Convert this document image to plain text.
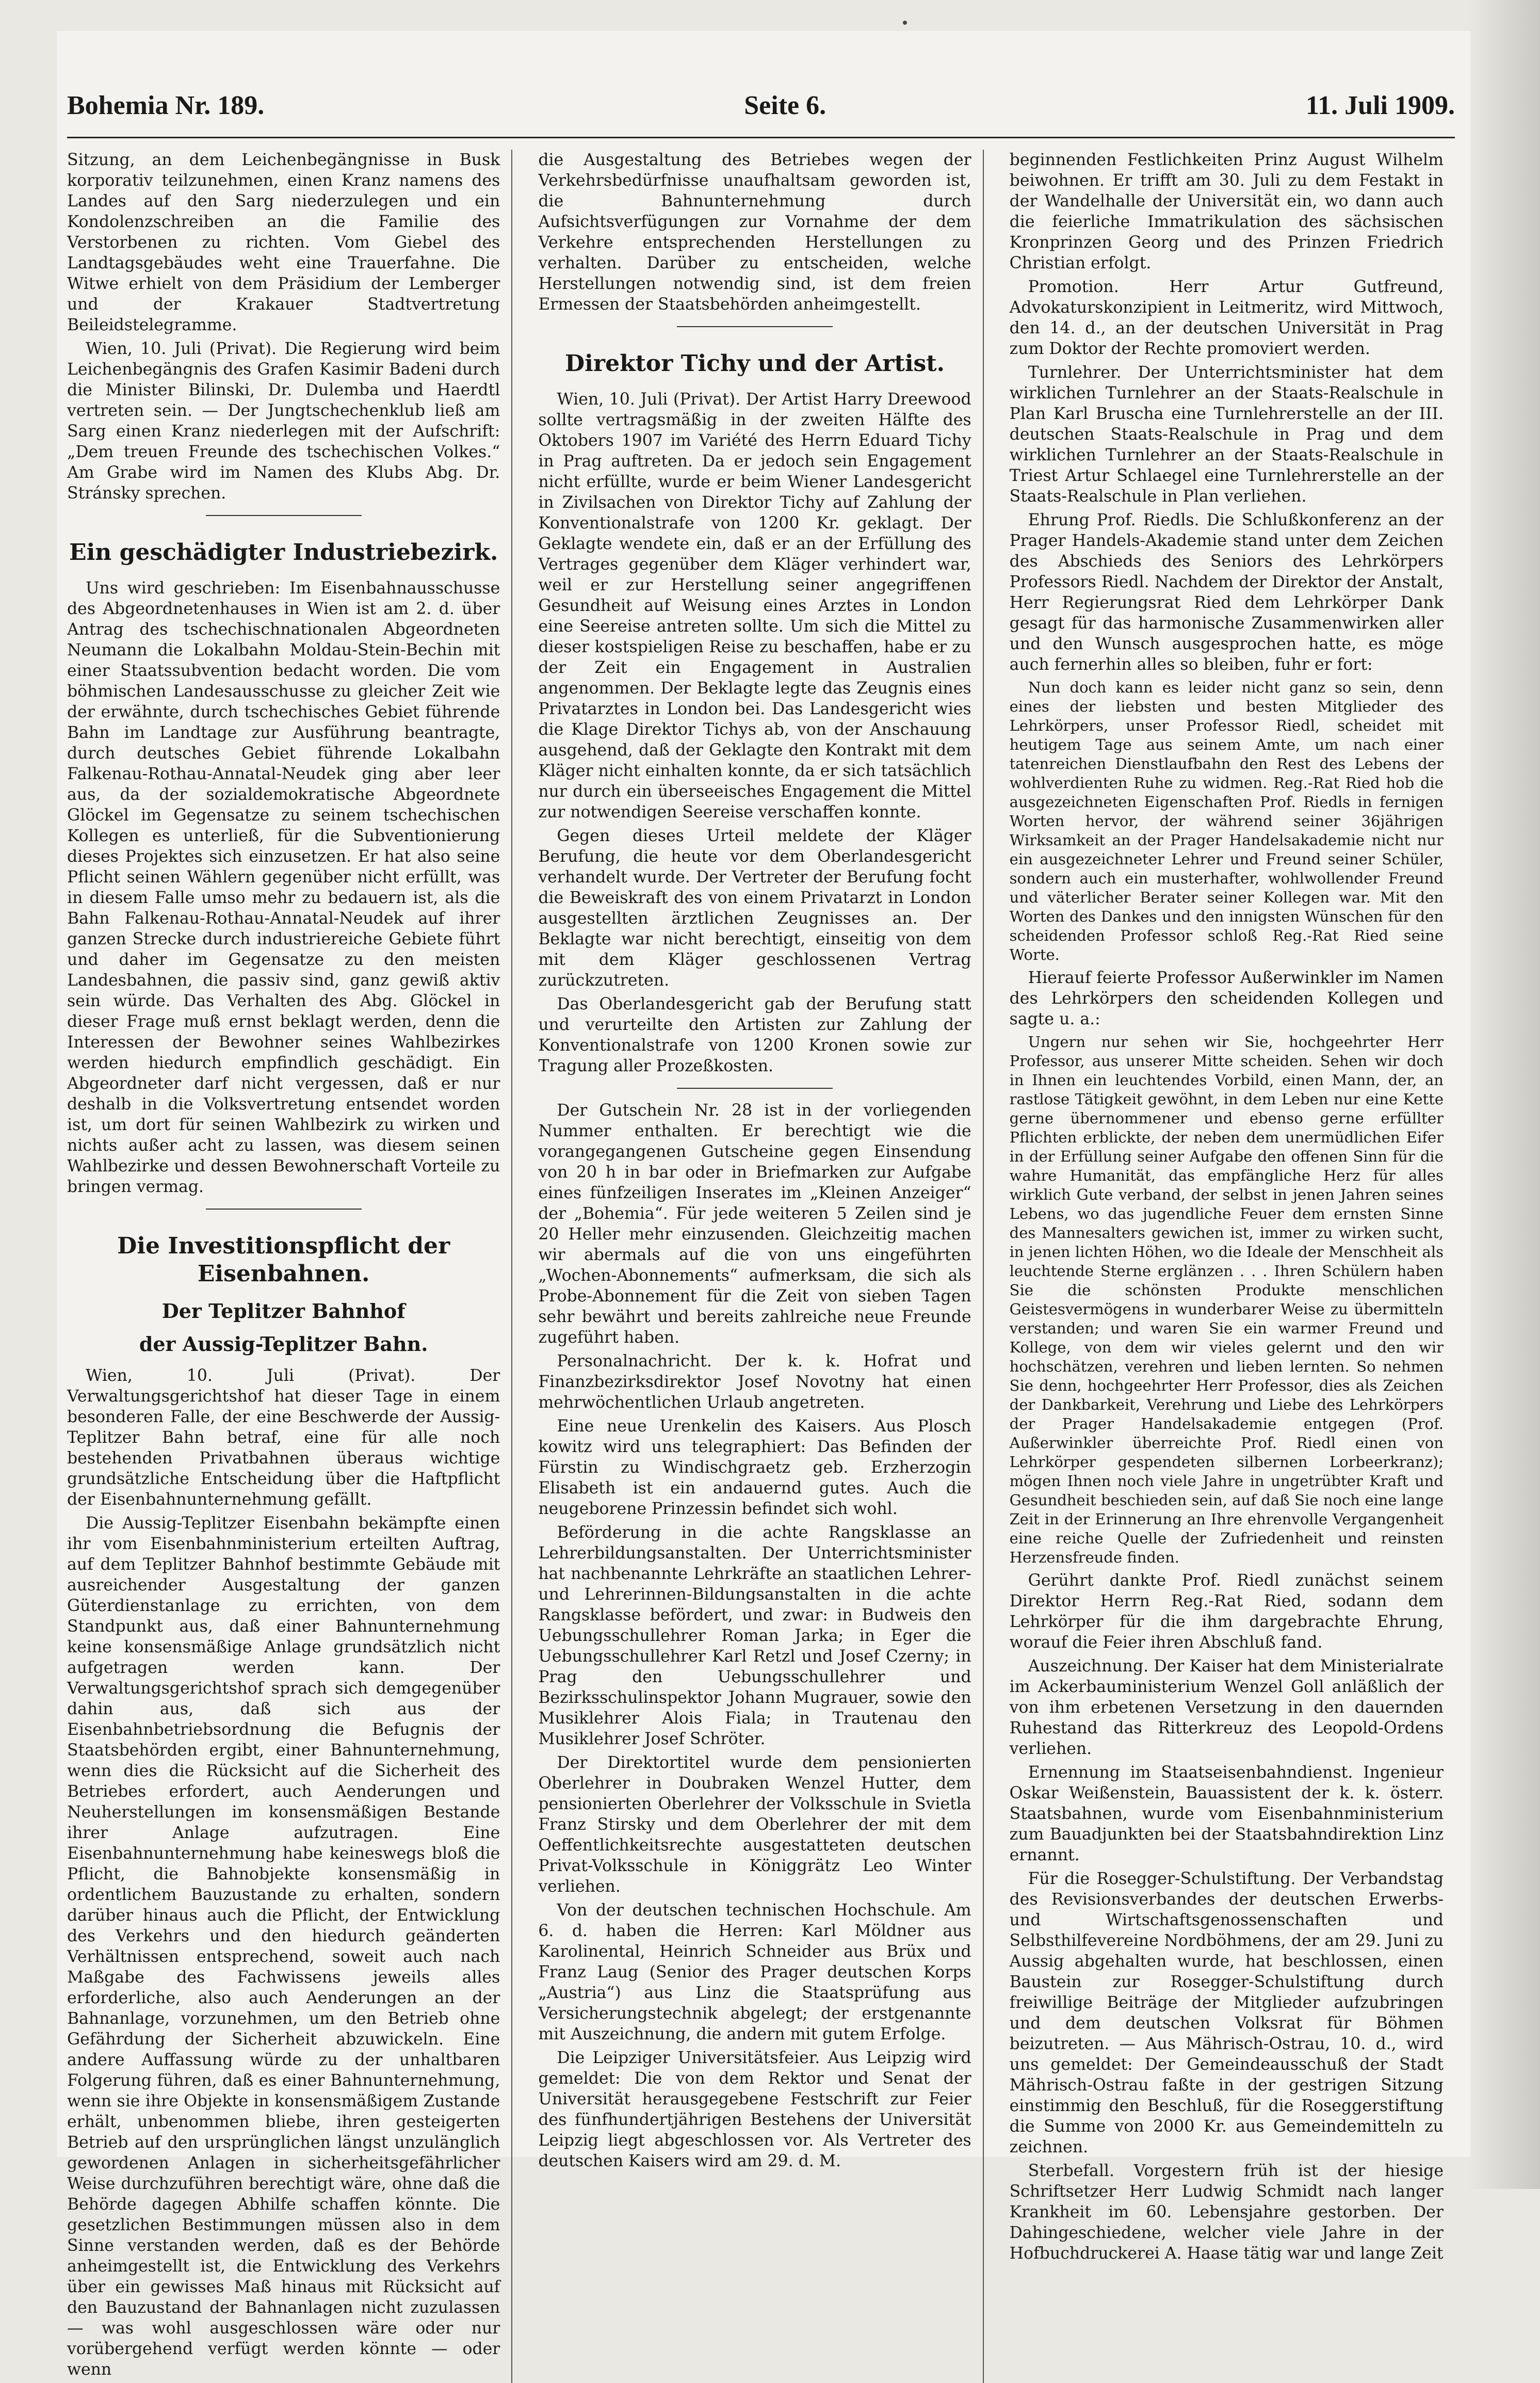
Bohemia Nr. 189.	Seite 6.	11. Juli 1909.

Sitzung, an dem Leichenbegängnisse in Busk korporativ teilzunehmen, einen Kranz namens des Landes auf den Sarg niederzulegen und ein Kondolenzschreiben an die Familie des Verstorbenen zu richten. Vom Giebel des Landtagsgebäudes weht eine Trauerfahne. Die Witwe erhielt von dem Präsidium der Lemberger und der Krakauer Stadtvertretung Beileidstelegramme.

Wien, 10. Juli (Privat). Die Regierung wird beim Leichenbegängnis des Grafen Kasimir Badeni durch die Minister Bilinski, Dr. Dulemba und Haerdtl vertreten sein. — Der Jungtschechenklub ließ am Sarg einen Kranz niederlegen mit der Aufschrift: „Dem treuen Freunde des tschechischen Volkes.“ Am Grabe wird im Namen des Klubs Abg. Dr. Stránsky sprechen.

Ein geschädigter Industriebezirk.

Uns wird geschrieben: Im Eisenbahnausschusse des Abgeordnetenhauses in Wien ist am 2. d. über Antrag des tschechischnationalen Abgeordneten Neumann die Lokalbahn Moldau-Stein-Bechin mit einer Staatssubvention bedacht worden. Die vom böhmischen Landesausschusse zu gleicher Zeit wie der erwähnte, durch tschechisches Gebiet führende Bahn im Landtage zur Ausführung beantragte, durch deutsches Gebiet führende Lokalbahn Falkenau-Rothau-Annatal-Neudek ging aber leer aus, da der sozialdemokratische Abgeordnete Glöckel im Gegensatze zu seinem tschechischen Kollegen es unterließ, für die Subventionierung dieses Projektes sich einzusetzen. Er hat also seine Pflicht seinen Wählern gegenüber nicht erfüllt, was in diesem Falle umso mehr zu bedauern ist, als die Bahn Falkenau-Rothau-Annatal-Neudek auf ihrer ganzen Strecke durch industriereiche Gebiete führt und daher im Gegensatze zu den meisten Landesbahnen, die passiv sind, ganz gewiß aktiv sein würde. Das Verhalten des Abg. Glöckel in dieser Frage muß ernst beklagt werden, denn die Interessen der Bewohner seines Wahlbezirkes werden hiedurch empfindlich geschädigt. Ein Abgeordneter darf nicht vergessen, daß er nur deshalb in die Volksvertretung entsendet worden ist, um dort für seinen Wahlbezirk zu wirken und nichts außer acht zu lassen, was diesem seinen Wahlbezirke und dessen Bewohnerschaft Vorteile zu bringen vermag.

Die Investitionspflicht der Eisenbahnen.
Der Teplitzer Bahnhof
der Aussig-Teplitzer Bahn.

Wien, 10. Juli (Privat). Der Verwaltungsgerichtshof hat dieser Tage in einem besonderen Falle, der eine Beschwerde der Aussig-Teplitzer Bahn betraf, eine für alle noch bestehenden Privatbahnen überaus wichtige grundsätzliche Entscheidung über die Haftpflicht der Eisenbahnunternehmung gefällt.

Die Aussig-Teplitzer Eisenbahn bekämpfte einen ihr vom Eisenbahnministerium erteilten Auftrag, auf dem Teplitzer Bahnhof bestimmte Gebäude mit ausreichender Ausgestaltung der ganzen Güterdienstanlage zu errichten, von dem Standpunkt aus, daß einer Bahnunternehmung keine konsensmäßige Anlage grundsätzlich nicht aufgetragen werden kann. Der Verwaltungsgerichtshof sprach sich demgegenüber dahin aus, daß sich aus der Eisenbahnbetriebsordnung die Befugnis der Staatsbehörden ergibt, einer Bahnunternehmung, wenn dies die Rücksicht auf die Sicherheit des Betriebes erfordert, auch Aenderungen und Neuherstellungen im konsensmäßigen Bestande ihrer Anlage aufzutragen. Eine Eisenbahnunternehmung habe keineswegs bloß die Pflicht, die Bahnobjekte konsensmäßig in ordentlichem Bauzustande zu erhalten, sondern darüber hinaus auch die Pflicht, der Entwicklung des Verkehrs und den hiedurch geänderten Verhältnissen entsprechend, soweit auch nach Maßgabe des Fachwissens jeweils alles erforderliche, also auch Aenderungen an der Bahnanlage, vorzunehmen, um den Betrieb ohne Gefährdung der Sicherheit abzuwickeln. Eine andere Auffassung würde zu der unhaltbaren Folgerung führen, daß es einer Bahnunternehmung, wenn sie ihre Objekte in konsensmäßigem Zustande erhält, unbenommen bliebe, ihren gesteigerten Betrieb auf den ursprünglichen längst unzulänglich gewordenen Anlagen in sicherheitsgefährlicher Weise durchzuführen berechtigt wäre, ohne daß die Behörde dagegen Abhilfe schaffen könnte. Die gesetzlichen Bestimmungen müssen also in dem Sinne verstanden werden, daß es der Behörde anheimgestellt ist, die Entwicklung des Verkehrs über ein gewisses Maß hinaus mit Rücksicht auf den Bauzustand der Bahnanlagen nicht zuzulassen — was wohl ausgeschlossen wäre oder nur vorübergehend verfügt werden könnte — oder wenn

die Ausgestaltung des Betriebes wegen der Verkehrsbedürfnisse unaufhaltsam geworden ist, die Bahnunternehmung durch Aufsichtsverfügungen zur Vornahme der dem Verkehre entsprechenden Herstellungen zu verhalten. Darüber zu entscheiden, welche Herstellungen notwendig sind, ist dem freien Ermessen der Staatsbehörden anheimgestellt.

Direktor Tichy und der Artist.

Wien, 10. Juli (Privat). Der Artist Harry Dreewood sollte vertragsmäßig in der zweiten Hälfte des Oktobers 1907 im Variété des Herrn Eduard Tichy in Prag auftreten. Da er jedoch sein Engagement nicht erfüllte, wurde er beim Wiener Landesgericht in Zivilsachen von Direktor Tichy auf Zahlung der Konventionalstrafe von 1200 Kr. geklagt. Der Geklagte wendete ein, daß er an der Erfüllung des Vertrages gegenüber dem Kläger verhindert war, weil er zur Herstellung seiner angegriffenen Gesundheit auf Weisung eines Arztes in London eine Seereise antreten sollte. Um sich die Mittel zu dieser kostspieligen Reise zu beschaffen, habe er zu der Zeit ein Engagement in Australien angenommen. Der Beklagte legte das Zeugnis eines Privatarztes in London bei. Das Landesgericht wies die Klage Direktor Tichys ab, von der Anschauung ausgehend, daß der Geklagte den Kontrakt mit dem Kläger nicht einhalten konnte, da er sich tatsächlich nur durch ein überseeisches Engagement die Mittel zur notwendigen Seereise verschaffen konnte.

Gegen dieses Urteil meldete der Kläger Berufung, die heute vor dem Oberlandesgericht verhandelt wurde. Der Vertreter der Berufung focht die Beweiskraft des von einem Privatarzt in London ausgestellten ärztlichen Zeugnisses an. Der Beklagte war nicht berechtigt, einseitig von dem mit dem Kläger geschlossenen Vertrag zurückzutreten.

Das Oberlandesgericht gab der Berufung statt und verurteilte den Artisten zur Zahlung der Konventionalstrafe von 1200 Kronen sowie zur Tragung aller Prozeßkosten.

Der Gutschein Nr. 28 ist in der vorliegenden Nummer enthalten. Er berechtigt wie die vorangegangenen Gutscheine gegen Einsendung von 20 h in bar oder in Briefmarken zur Aufgabe eines fünfzeiligen Inserates im „Kleinen Anzeiger“ der „Bohemia“. Für jede weiteren 5 Zeilen sind je 20 Heller mehr einzusenden. Gleichzeitig machen wir abermals auf die von uns eingeführten „Wochen-Abonnements“ aufmerksam, die sich als Probe-Abonnement für die Zeit von sieben Tagen sehr bewährt und bereits zahlreiche neue Freunde zugeführt haben.

Personalnachricht. Der k. k. Hofrat und Finanzbezirksdirektor Josef Novotny hat einen mehrwöchentlichen Urlaub angetreten.

Eine neue Urenkelin des Kaisers. Aus Plosch kowitz wird uns telegraphiert: Das Befinden der Fürstin zu Windischgraetz geb. Erzherzogin Elisabeth ist ein andauernd gutes. Auch die neugeborene Prinzessin befindet sich wohl.

Beförderung in die achte Rangsklasse an Lehrerbildungsanstalten. Der Unterrichtsminister hat nachbenannte Lehrkräfte an staatlichen Lehrer- und Lehrerinnen-Bildungsanstalten in die achte Rangsklasse befördert, und zwar: in Budweis den Uebungsschullehrer Roman Jarka; in Eger die Uebungsschullehrer Karl Retzl und Josef Czerny; in Prag den Uebungsschullehrer und Bezirksschulinspektor Johann Mugrauer, sowie den Musiklehrer Alois Fiala; in Trautenau den Musiklehrer Josef Schröter.

Der Direktortitel wurde dem pensionierten Oberlehrer in Doubraken Wenzel Hutter, dem pensionierten Oberlehrer der Volksschule in Svietla Franz Stirsky und dem Oberlehrer der mit dem Oeffentlichkeitsrechte ausgestatteten deutschen Privat-Volksschule in Königgrätz Leo Winter verliehen.

Von der deutschen technischen Hochschule. Am 6. d. haben die Herren: Karl Möldner aus Karolinental, Heinrich Schneider aus Brüx und Franz Laug (Senior des Prager deutschen Korps „Austria“) aus Linz die Staatsprüfung aus Versicherungstechnik abgelegt; der erstgenannte mit Auszeichnung, die andern mit gutem Erfolge.

Die Leipziger Universitätsfeier. Aus Leipzig wird gemeldet: Die von dem Rektor und Senat der Universität herausgegebene Festschrift zur Feier des fünfhundertjährigen Bestehens der Universität Leipzig liegt abgeschlossen vor. Als Vertreter des deutschen Kaisers wird am 29. d. M.

beginnenden Festlichkeiten Prinz August Wilhelm beiwohnen. Er trifft am 30. Juli zu dem Festakt in der Wandelhalle der Universität ein, wo dann auch die feierliche Immatrikulation des sächsischen Kronprinzen Georg und des Prinzen Friedrich Christian erfolgt.

Promotion. Herr Artur Gutfreund, Advokaturskonzipient in Leitmeritz, wird Mittwoch, den 14. d., an der deutschen Universität in Prag zum Doktor der Rechte promoviert werden.

Turnlehrer. Der Unterrichtsminister hat dem wirklichen Turnlehrer an der Staats-Realschule in Plan Karl Bruscha eine Turnlehrerstelle an der III. deutschen Staats-Realschule in Prag und dem wirklichen Turnlehrer an der Staats-Realschule in Triest Artur Schlaegel eine Turnlehrerstelle an der Staats-Realschule in Plan verliehen.

Ehrung Prof. Riedls. Die Schlußkonferenz an der Prager Handels-Akademie stand unter dem Zeichen des Abschieds des Seniors des Lehrkörpers Professors Riedl. Nachdem der Direktor der Anstalt, Herr Regierungsrat Ried dem Lehrkörper Dank gesagt für das harmonische Zusammenwirken aller und den Wunsch ausgesprochen hatte, es möge auch fernerhin alles so bleiben, fuhr er fort:

Nun doch kann es leider nicht ganz so sein, denn eines der liebsten und besten Mitglieder des Lehrkörpers, unser Professor Riedl, scheidet mit heutigem Tage aus seinem Amte, um nach einer tatenreichen Dienstlaufbahn den Rest des Lebens der wohlverdienten Ruhe zu widmen. Reg.-Rat Ried hob die ausgezeichneten Eigenschaften Prof. Riedls in fernigen Worten hervor, der während seiner 36jährigen Wirksamkeit an der Prager Handelsakademie nicht nur ein ausgezeichneter Lehrer und Freund seiner Schüler, sondern auch ein musterhafter, wohlwollender Freund und väterlicher Berater seiner Kollegen war. Mit den Worten des Dankes und den innigsten Wünschen für den scheidenden Professor schloß Reg.-Rat Ried seine Worte.

Hierauf feierte Professor Außerwinkler im Namen des Lehrkörpers den scheidenden Kollegen und sagte u. a.:

Ungern nur sehen wir Sie, hochgeehrter Herr Professor, aus unserer Mitte scheiden. Sehen wir doch in Ihnen ein leuchtendes Vorbild, einen Mann, der, an rastlose Tätigkeit gewöhnt, in dem Leben nur eine Kette gerne übernommener und ebenso gerne erfüllter Pflichten erblickte, der neben dem unermüdlichen Eifer in der Erfüllung seiner Aufgabe den offenen Sinn für die wahre Humanität, das empfängliche Herz für alles wirklich Gute verband, der selbst in jenen Jahren seines Lebens, wo das jugendliche Feuer dem ernsten Sinne des Mannesalters gewichen ist, immer zu wirken sucht, in jenen lichten Höhen, wo die Ideale der Menschheit als leuchtende Sterne erglänzen . . . Ihren Schülern haben Sie die schönsten Produkte menschlichen Geistesvermögens in wunderbarer Weise zu übermitteln verstanden; und waren Sie ein warmer Freund und Kollege, von dem wir vieles gelernt und den wir hochschätzen, verehren und lieben lernten. So nehmen Sie denn, hochgeehrter Herr Professor, dies als Zeichen der Dankbarkeit, Verehrung und Liebe des Lehrkörpers der Prager Handelsakademie entgegen (Prof. Außerwinkler überreichte Prof. Riedl einen von Lehrkörper gespendeten silbernen Lorbeerkranz); mögen Ihnen noch viele Jahre in ungetrübter Kraft und Gesundheit beschieden sein, auf daß Sie noch eine lange Zeit in der Erinnerung an Ihre ehrenvolle Vergangenheit eine reiche Quelle der Zufriedenheit und reinsten Herzensfreude finden.

Gerührt dankte Prof. Riedl zunächst seinem Direktor Herrn Reg.-Rat Ried, sodann dem Lehrkörper für die ihm dargebrachte Ehrung, worauf die Feier ihren Abschluß fand.

Auszeichnung. Der Kaiser hat dem Ministerialrate im Ackerbauministerium Wenzel Goll anläßlich der von ihm erbetenen Versetzung in den dauernden Ruhestand das Ritterkreuz des Leopold-Ordens verliehen.

Ernennung im Staatseisenbahndienst. Ingenieur Oskar Weißenstein, Bauassistent der k. k. österr. Staatsbahnen, wurde vom Eisenbahnministerium zum Bauadjunkten bei der Staatsbahndirektion Linz ernannt.

Für die Rosegger-Schulstiftung. Der Verbandstag des Revisionsverbandes der deutschen Erwerbs- und Wirtschaftsgenossenschaften und Selbsthilfevereine Nordböhmens, der am 29. Juni zu Aussig abgehalten wurde, hat beschlossen, einen Baustein zur Rosegger-Schulstiftung durch freiwillige Beiträge der Mitglieder aufzubringen und dem deutschen Volksrat für Böhmen beizutreten. — Aus Mährisch-Ostrau, 10. d., wird uns gemeldet: Der Gemeindeausschuß der Stadt Mährisch-Ostrau faßte in der gestrigen Sitzung einstimmig den Beschluß, für die Roseggerstiftung die Summe von 2000 Kr. aus Gemeindemitteln zu zeichnen.

Sterbefall. Vorgestern früh ist der hiesige Schriftsetzer Herr Ludwig Schmidt nach langer Krankheit im 60. Lebensjahre gestorben. Der Dahingeschiedene, welcher viele Jahre in der Hofbuchdruckerei A. Haase tätig war und lange Zeit
